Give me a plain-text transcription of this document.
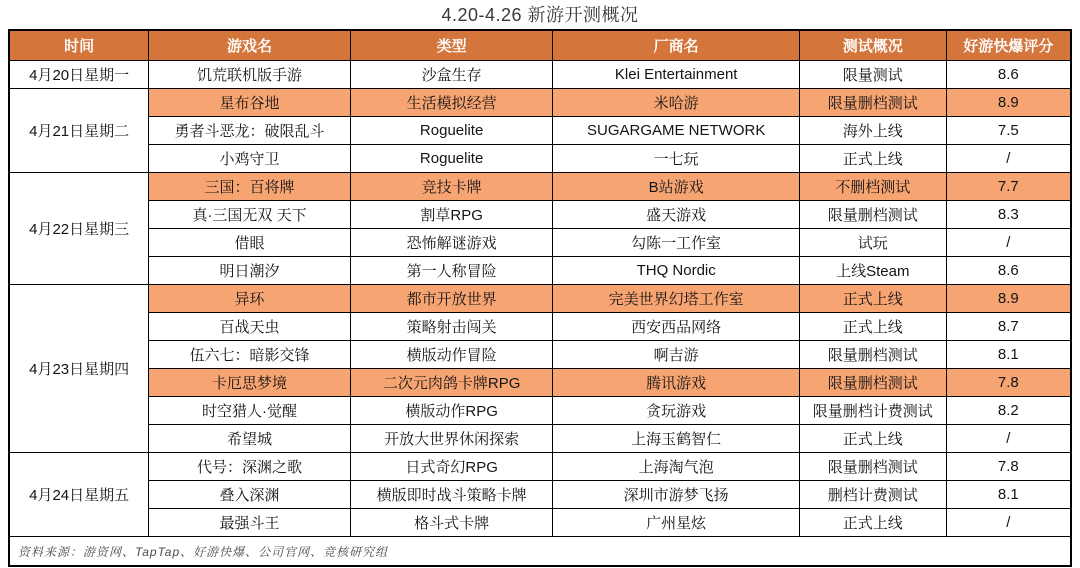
4.20-4.26 新游开测概况
时间	游戏名	类型	厂商名	测试概况	好游快爆评分
4月20日星期一	饥荒联机版手游	沙盒生存	Klei Entertainment	限量测试	8.6
4月21日星期二	星布谷地	生活模拟经营	米哈游	限量删档测试	8.9
	勇者斗恶龙：破限乱斗	Roguelite	SUGARGAME NETWORK	海外上线	7.5
	小鸡守卫	Roguelite	一七玩	正式上线	/
4月22日星期三	三国：百将牌	竞技卡牌	B站游戏	不删档测试	7.7
	真·三国无双 天下	割草RPG	盛天游戏	限量删档测试	8.3
	借眼	恐怖解谜游戏	勾陈一工作室	试玩	/
	明日潮汐	第一人称冒险	THQ Nordic	上线Steam	8.6
4月23日星期四	异环	都市开放世界	完美世界幻塔工作室	正式上线	8.9
	百战天虫	策略射击闯关	西安西品网络	正式上线	8.7
	伍六七：暗影交锋	横版动作冒险	啊吉游	限量删档测试	8.1
	卡厄思梦境	二次元肉鸽卡牌RPG	腾讯游戏	限量删档测试	7.8
	时空猎人·觉醒	横版动作RPG	贪玩游戏	限量删档计费测试	8.2
	希望城	开放大世界休闲探索	上海玉鹤智仁	正式上线	/
4月24日星期五	代号：深渊之歌	日式奇幻RPG	上海淘气泡	限量删档测试	7.8
	叠入深渊	横版即时战斗策略卡牌	深圳市游梦飞扬	删档计费测试	8.1
	最强斗王	格斗式卡牌	广州星炫	正式上线	/
资料来源：游资网、TapTap、好游快爆、公司官网、竞核研究组					
